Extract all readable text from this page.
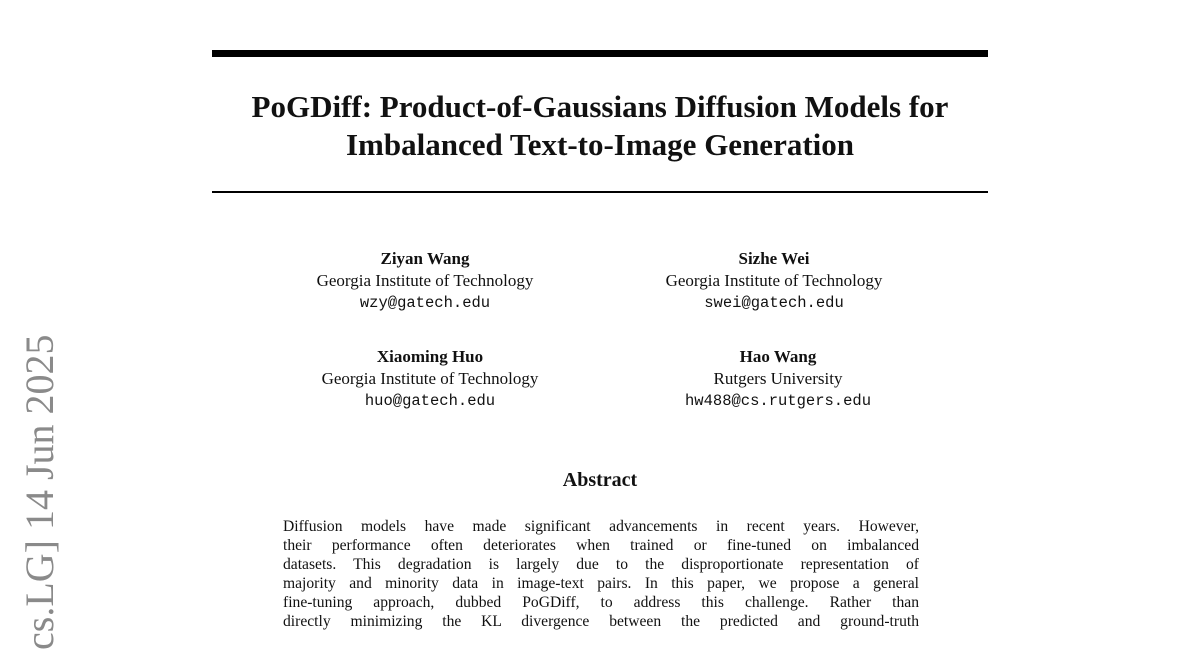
PoGDiff: Product-of-Gaussians Diffusion Models for
Imbalanced Text-to-Image Generation
Ziyan Wang
Georgia Institute of Technology
wzy@gatech.edu
Sizhe Wei
Georgia Institute of Technology
swei@gatech.edu
Xiaoming Huo
Georgia Institute of Technology
huo@gatech.edu
Hao Wang
Rutgers University
hw488@cs.rutgers.edu
Abstract
Diffusion models have made significant advancements in recent years. However,
their performance often deteriorates when trained or fine-tuned on imbalanced
datasets. This degradation is largely due to the disproportionate representation of
majority and minority data in image-text pairs. In this paper, we propose a general
fine-tuning approach, dubbed PoGDiff, to address this challenge. Rather than
directly minimizing the KL divergence between the predicted and ground-truth
cs.LG] 14 Jun 2025
